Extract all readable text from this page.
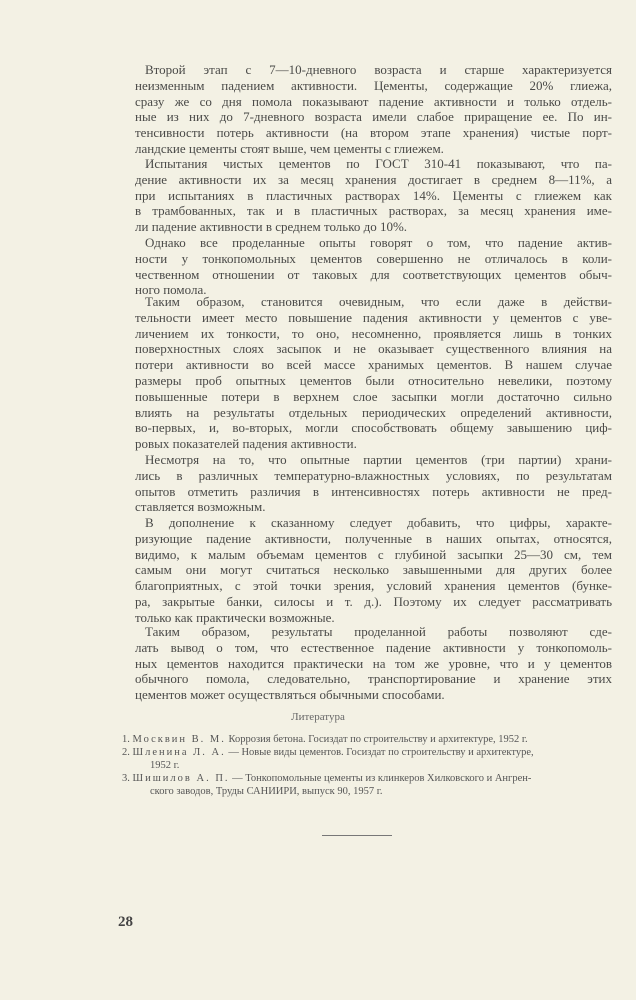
Второй этап с 7—10-дневного возраста и старше характеризуется
неизменным падением активности. Цементы, содержащие 20% глиежа,
сразу же со дня помола показывают падение активности и только отдель-
ные из них до 7-дневного возраста имели слабое приращение ее. По ин-
тенсивности потерь активности (на втором этапе хранения) чистые порт-
ландские цементы стоят выше, чем цементы с глиежем.
Испытания чистых цементов по ГОСТ 310-41 показывают, что па-
дение активности их за месяц хранения достигает в среднем 8—11%, а
при испытаниях в пластичных растворах 14%. Цементы с глиежем как
в трамбованных, так и в пластичных растворах, за месяц хранения име-
ли падение активности в среднем только до 10%.
Однако все проделанные опыты говорят о том, что падение актив-
ности у тонкопомольных цементов совершенно не отличалось в коли-
чественном отношении от таковых для соответствующих цементов обыч-
ного помола.
Таким образом, становится очевидным, что если даже в действи-
тельности имеет место повышение падения активности у цементов с уве-
личением их тонкости, то оно, несомненно, проявляется лишь в тонких
поверхностных слоях засыпок и не оказывает существенного влияния на
потери активности во всей массе хранимых цементов. В нашем случае
размеры проб опытных цементов были относительно невелики, поэтому
повышенные потери в верхнем слое засыпки могли достаточно сильно
влиять на результаты отдельных периодических определений активности,
во-первых, и, во-вторых, могли способствовать общему завышению циф-
ровых показателей падения активности.
Несмотря на то, что опытные партии цементов (три партии) храни-
лись в различных температурно-влажностных условиях, по результатам
опытов отметить различия в интенсивностях потерь активности не пред-
ставляется возможным.
В дополнение к сказанному следует добавить, что цифры, характе-
ризующие падение активности, полученные в наших опытах, относятся,
видимо, к малым объемам цементов с глубиной засыпки 25—30 см, тем
самым они могут считаться несколько завышенными для других более
благоприятных, с этой точки зрения, условий хранения цементов (бунке-
ра, закрытые банки, силосы и т. д.). Поэтому их следует рассматривать
только как практически возможные.
Таким образом, результаты проделанной работы позволяют сде-
лать вывод о том, что естественное падение активности у тонкопомоль-
ных цементов находится практически на том же уровне, что и у цементов
обычного помола, следовательно, транспортирование и хранение этих
цементов может осуществляться обычными способами.
Литература
1. Москвин В. М. Коррозия бетона. Госиздат по строительству и архитектуре, 1952 г.
2. Шленина Л. А. — Новые виды цементов. Госиздат по строительству и архитектуре,
1952 г.
3. Шишилов А. П. — Тонкопомольные цементы из клинкеров Хилковского и Ангрен-
ского заводов, Труды САНИИРИ, выпуск 90, 1957 г.
28
